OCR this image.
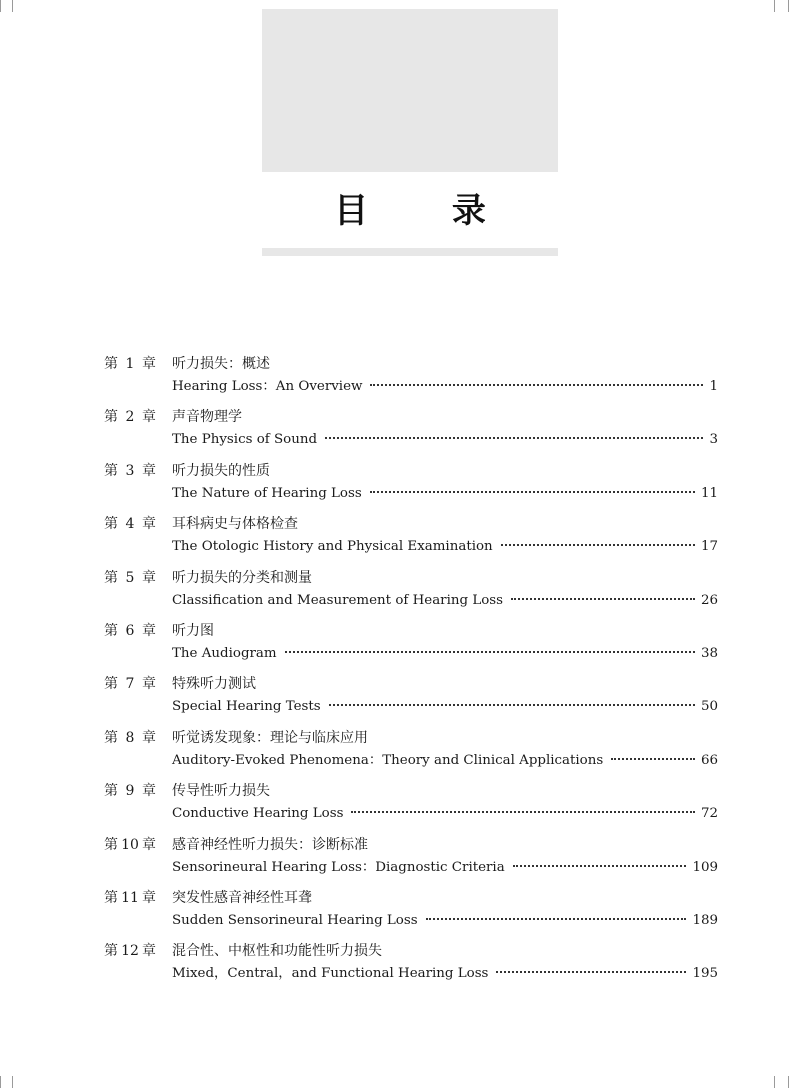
目 录
第 1 章	听力损失：概述
Hearing Loss：An Overview	1
第 2 章	声音物理学
The Physics of Sound	3
第 3 章	听力损失的性质
The Nature of Hearing Loss	11
第 4 章	耳科病史与体格检查
The Otologic History and Physical Examination	17
第 5 章	听力损失的分类和测量
Classification and Measurement of Hearing Loss	26
第 6 章	听力图
The Audiogram	38
第 7 章	特殊听力测试
Special Hearing Tests	50
第 8 章	听觉诱发现象：理论与临床应用
Auditory-Evoked Phenomena：Theory and Clinical Applications	66
第 9 章	传导性听力损失
Conductive Hearing Loss	72
第 10 章	感音神经性听力损失：诊断标准
Sensorineural Hearing Loss：Diagnostic Criteria	109
第 11 章	突发性感音神经性耳聋
Sudden Sensorineural Hearing Loss	189
第 12 章	混合性、中枢性和功能性听力损失
Mixed，Central，and Functional Hearing Loss	195
